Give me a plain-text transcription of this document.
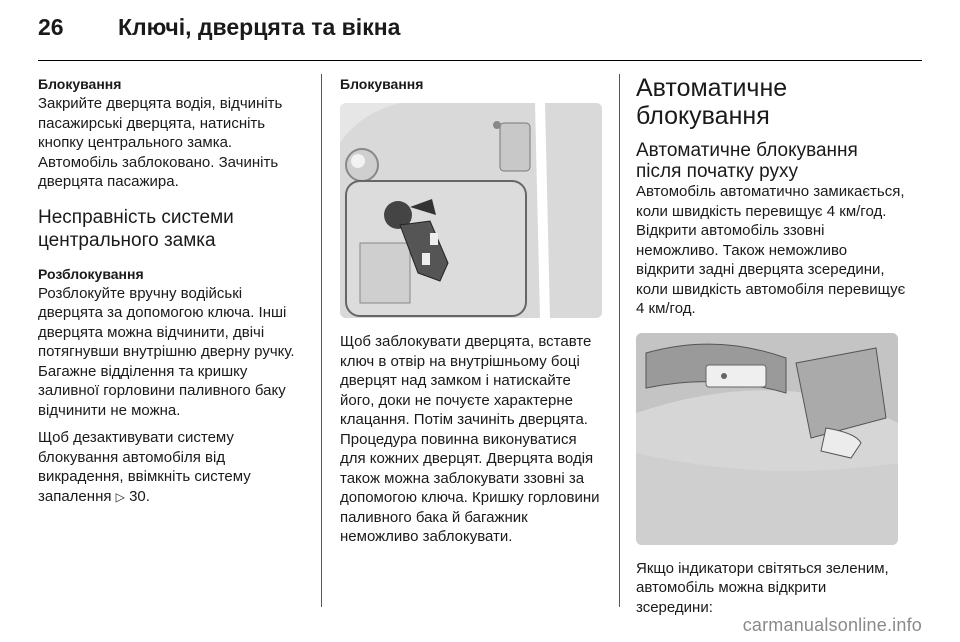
26	Ключі, дверцята та вікна

Блокування

Закрийте дверцята водія, відчиніть пасажирські дверцята, натисніть кнопку центрального замка. Автомобіль заблоковано. Зачиніть дверцята пасажира.

Несправність системи центрального замка

Розблокування

Розблокуйте вручну водійські дверцята за допомогою ключа. Інші дверцята можна відчинити, двічі потягнувши внутрішню дверну ручку. Багажне відділення та кришку заливної горловини паливного баку відчинити не можна.

Щоб дезактивувати систему блокування автомобіля від викрадення, ввімкніть систему запалення ▷ 30.

Блокування

Щоб заблокувати дверцята, вставте ключ в отвір на внутрішньому боці дверцят над замком і натискайте його, доки не почуєте характерне клацання. Потім зачиніть дверцята. Процедура повинна виконуватися для кожних дверцят. Дверцята водія також можна заблокувати ззовні за допомогою ключа. Кришку горловини паливного бака й багажник неможливо заблокувати.

Автоматичне блокування
Автоматичне блокування після початку руху

Автомобіль автоматично замикається, коли швидкість перевищує 4 км/год. Відкрити автомобіль ззовні неможливо. Також неможливо відкрити задні дверцята зсередини, коли швидкість автомобіля перевищує 4 км/год.

Якщо індикатори світяться зеленим, автомобіль можна відкрити зсередини:

carmanualsonline.info
